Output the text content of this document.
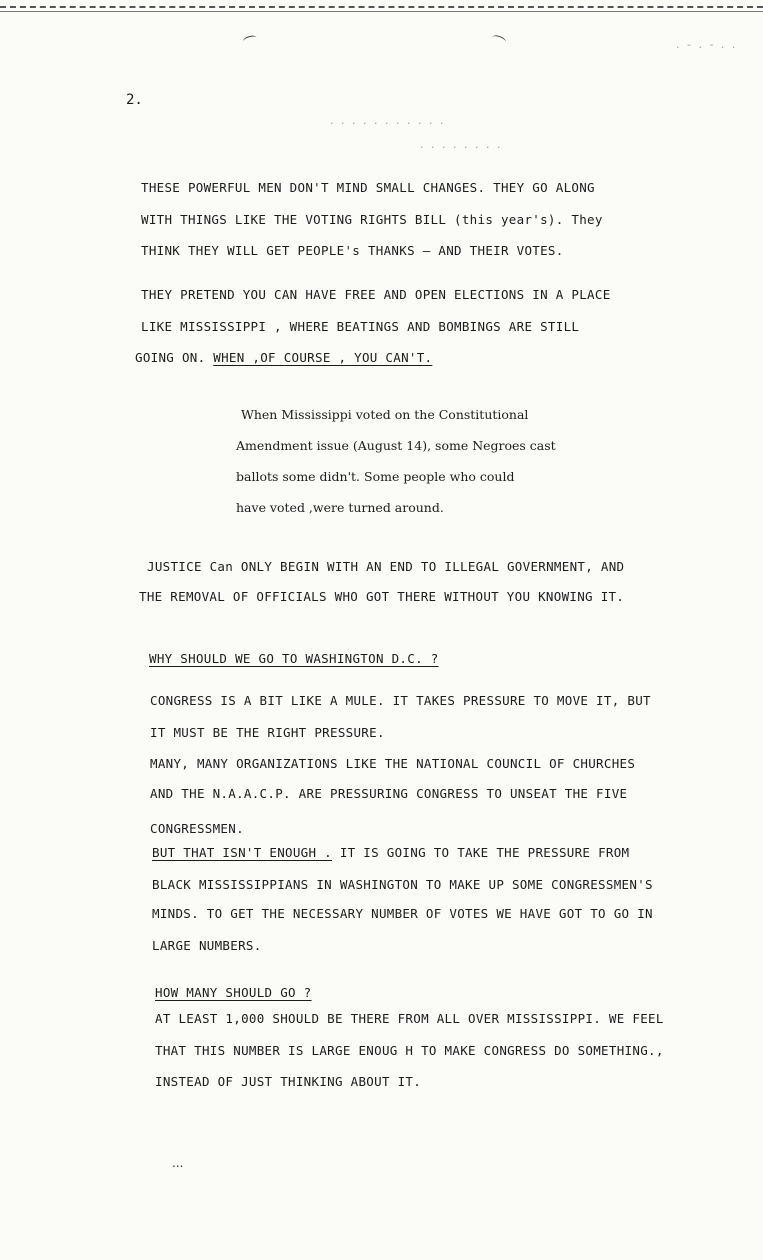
. - . - . .
. . . . . . . . . . .
. . . . . . . .
2.
THESE POWERFUL MEN DON'T MIND SMALL CHANGES. THEY GO ALONG
WITH THINGS LIKE THE VOTING RIGHTS BILL (this year's). They
THINK THEY WILL GET PEOPLE's THANKS — AND THEIR VOTES.
THEY PRETEND YOU CAN HAVE FREE AND OPEN ELECTIONS IN A PLACE
LIKE MISSISSIPPI , WHERE BEATINGS AND BOMBINGS ARE STILL
GOING ON. WHEN ,OF COURSE , YOU CAN'T.
When Mississippi voted on the Constitutional
Amendment issue (August 14), some Negroes cast
ballots some didn't. Some people who could
have voted ,were turned around.
JUSTICE Can ONLY BEGIN WITH AN END TO ILLEGAL GOVERNMENT, AND
THE REMOVAL OF OFFICIALS WHO GOT THERE WITHOUT YOU KNOWING IT.
WHY SHOULD WE GO TO WASHINGTON D.C. ?
CONGRESS IS A BIT LIKE A MULE. IT TAKES PRESSURE TO MOVE IT, BUT
IT MUST BE THE RIGHT PRESSURE.
MANY, MANY ORGANIZATIONS LIKE THE NATIONAL COUNCIL OF CHURCHES
AND THE N.A.A.C.P. ARE PRESSURING CONGRESS TO UNSEAT THE FIVE
CONGRESSMEN.
BUT THAT ISN'T ENOUGH . IT IS GOING TO TAKE THE PRESSURE FROM
BLACK MISSISSIPPIANS IN WASHINGTON TO MAKE UP SOME CONGRESSMEN'S
MINDS. TO GET THE NECESSARY NUMBER OF VOTES WE HAVE GOT TO GO IN
LARGE NUMBERS.
HOW MANY SHOULD GO ?
AT LEAST 1,000 SHOULD BE THERE FROM ALL OVER MISSISSIPPI. WE FEEL
THAT THIS NUMBER IS LARGE ENOUG H TO MAKE CONGRESS DO SOMETHING.,
INSTEAD OF JUST THINKING ABOUT IT.
...
